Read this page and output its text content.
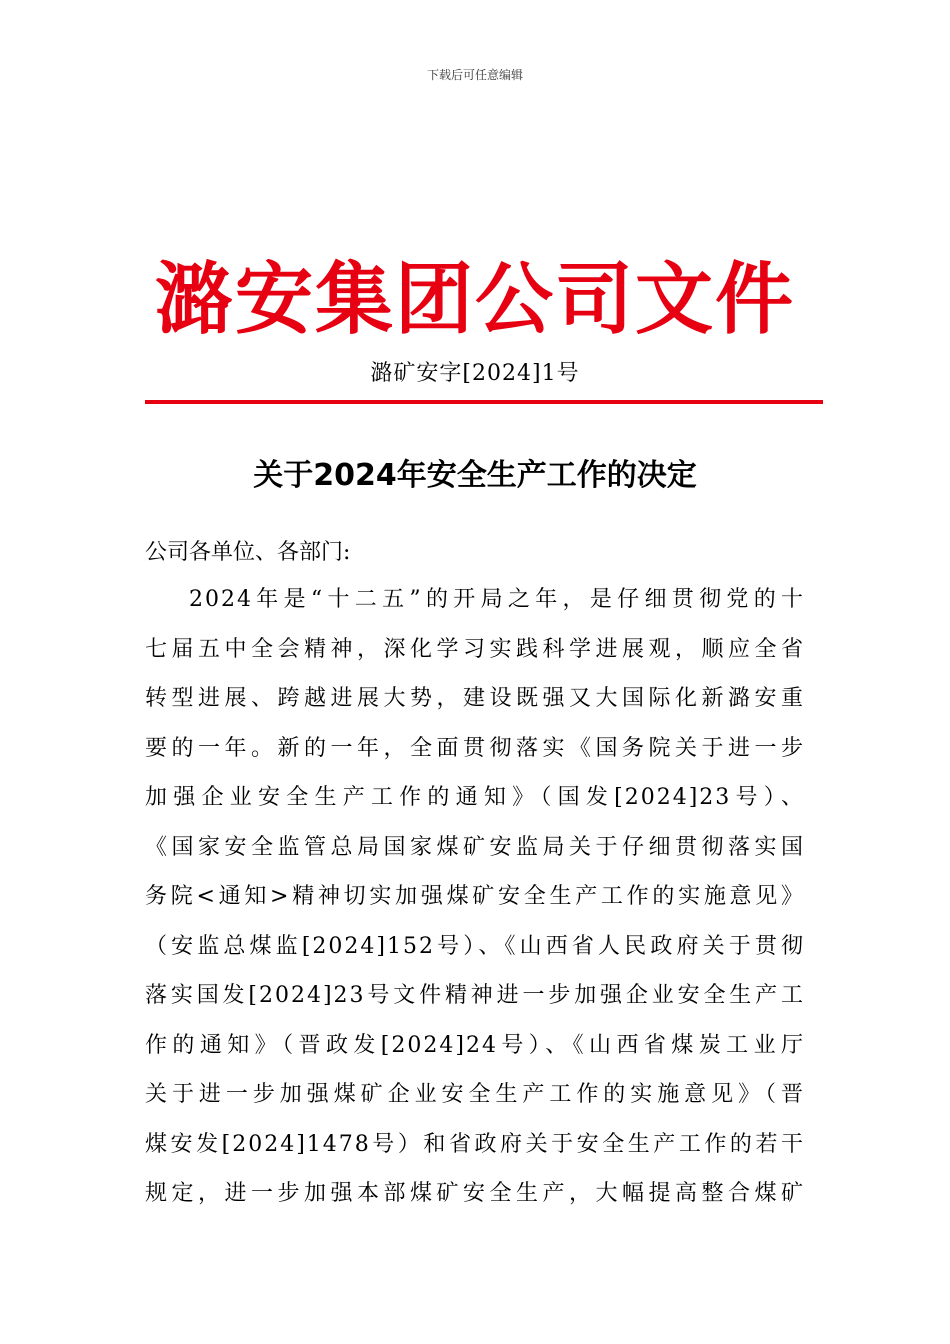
下载后可任意编辑
潞安集团公司文件
潞矿安字[2024]1号
关于2024年安全生产工作的决定
公司各单位、各部门:
2024年是“十二五”的开局之年，是仔细贯彻党的十
七届五中全会精神，深化学习实践科学进展观，顺应全省
转型进展、跨越进展大势，建设既强又大国际化新潞安重
要的一年。新的一年，全面贯彻落实《国务院关于进一步
加强企业安全生产工作的通知》（国发[2024]23号）、
《国家安全监管总局国家煤矿安监局关于仔细贯彻落实国
务院<通知>精神切实加强煤矿安全生产工作的实施意见》
（安监总煤监[2024]152号）、《山西省人民政府关于贯彻
落实国发[2024]23号文件精神进一步加强企业安全生产工
作的通知》（晋政发[2024]24号）、《山西省煤炭工业厅
关于进一步加强煤矿企业安全生产工作的实施意见》（晋
煤安发[2024]1478号）和省政府关于安全生产工作的若干
规定，进一步加强本部煤矿安全生产，大幅提高整合煤矿
